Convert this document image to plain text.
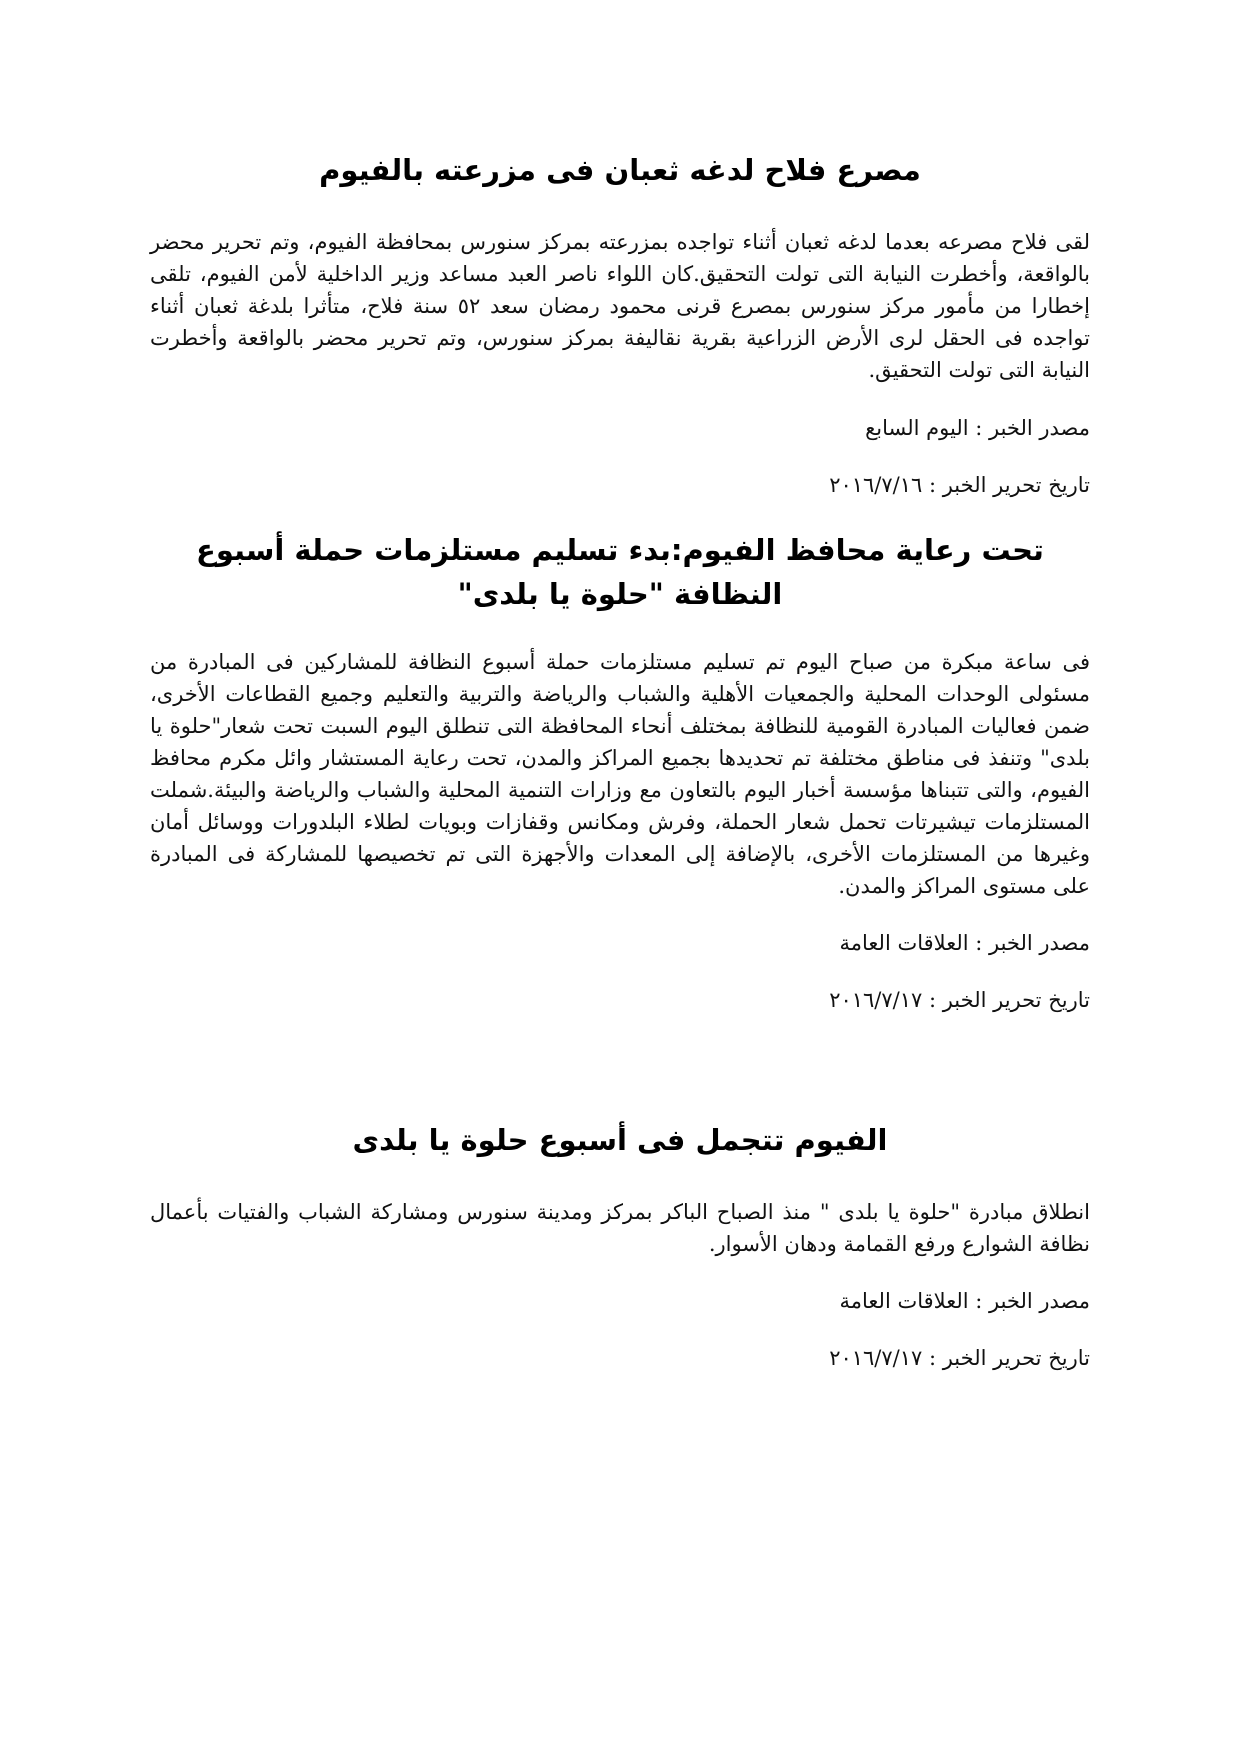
مصرع فلاح لدغه ثعبان فى مزرعته بالفيوم

لقى فلاح مصرعه بعدما لدغه ثعبان أثناء تواجده بمزرعته بمركز سنورس بمحافظة الفيوم، وتم تحرير محضر بالواقعة، وأخطرت النيابة التى تولت التحقيق.كان اللواء ناصر العبد مساعد وزير الداخلية لأمن الفيوم، تلقى إخطارا من مأمور مركز سنورس بمصرع قرنى محمود رمضان سعد ٥٢ سنة فلاح، متأثرا بلدغة ثعبان أثناء تواجده فى الحقل لرى الأرض الزراعية بقرية نقاليفة بمركز سنورس، وتم تحرير محضر بالواقعة وأخطرت النيابة التى تولت التحقيق.

مصدر الخبر : اليوم السابع

تاريخ تحرير الخبر : ٢٠١٦/٧/١٦

تحت رعاية محافظ الفيوم:بدء تسليم مستلزمات حملة أسبوع النظافة "حلوة يا بلدى"

فى ساعة مبكرة من صباح اليوم تم تسليم مستلزمات حملة أسبوع النظافة للمشاركين فى المبادرة من مسئولى الوحدات المحلية والجمعيات الأهلية والشباب والرياضة والتربية والتعليم وجميع القطاعات الأخرى، ضمن فعاليات المبادرة القومية للنظافة بمختلف أنحاء المحافظة التى تنطلق اليوم السبت تحت شعار"حلوة يا بلدى" وتنفذ فى مناطق مختلفة تم تحديدها بجميع المراكز والمدن، تحت رعاية المستشار وائل مكرم محافظ الفيوم، والتى تتبناها مؤسسة أخبار اليوم بالتعاون مع وزارات التنمية المحلية والشباب والرياضة والبيئة.شملت المستلزمات تيشيرتات تحمل شعار الحملة، وفرش ومكانس وقفازات وبويات لطلاء البلدورات ووسائل أمان وغيرها من المستلزمات الأخرى، بالإضافة إلى المعدات والأجهزة التى تم تخصيصها للمشاركة فى المبادرة على مستوى المراكز والمدن.

مصدر الخبر : العلاقات العامة

تاريخ تحرير الخبر : ٢٠١٦/٧/١٧

الفيوم تتجمل فى أسبوع حلوة يا بلدى

انطلاق مبادرة "حلوة يا بلدى " منذ الصباح الباكر بمركز ومدينة سنورس ومشاركة الشباب والفتيات بأعمال نظافة الشوارع ورفع القمامة ودهان الأسوار.

مصدر الخبر : العلاقات العامة

تاريخ تحرير الخبر : ٢٠١٦/٧/١٧
